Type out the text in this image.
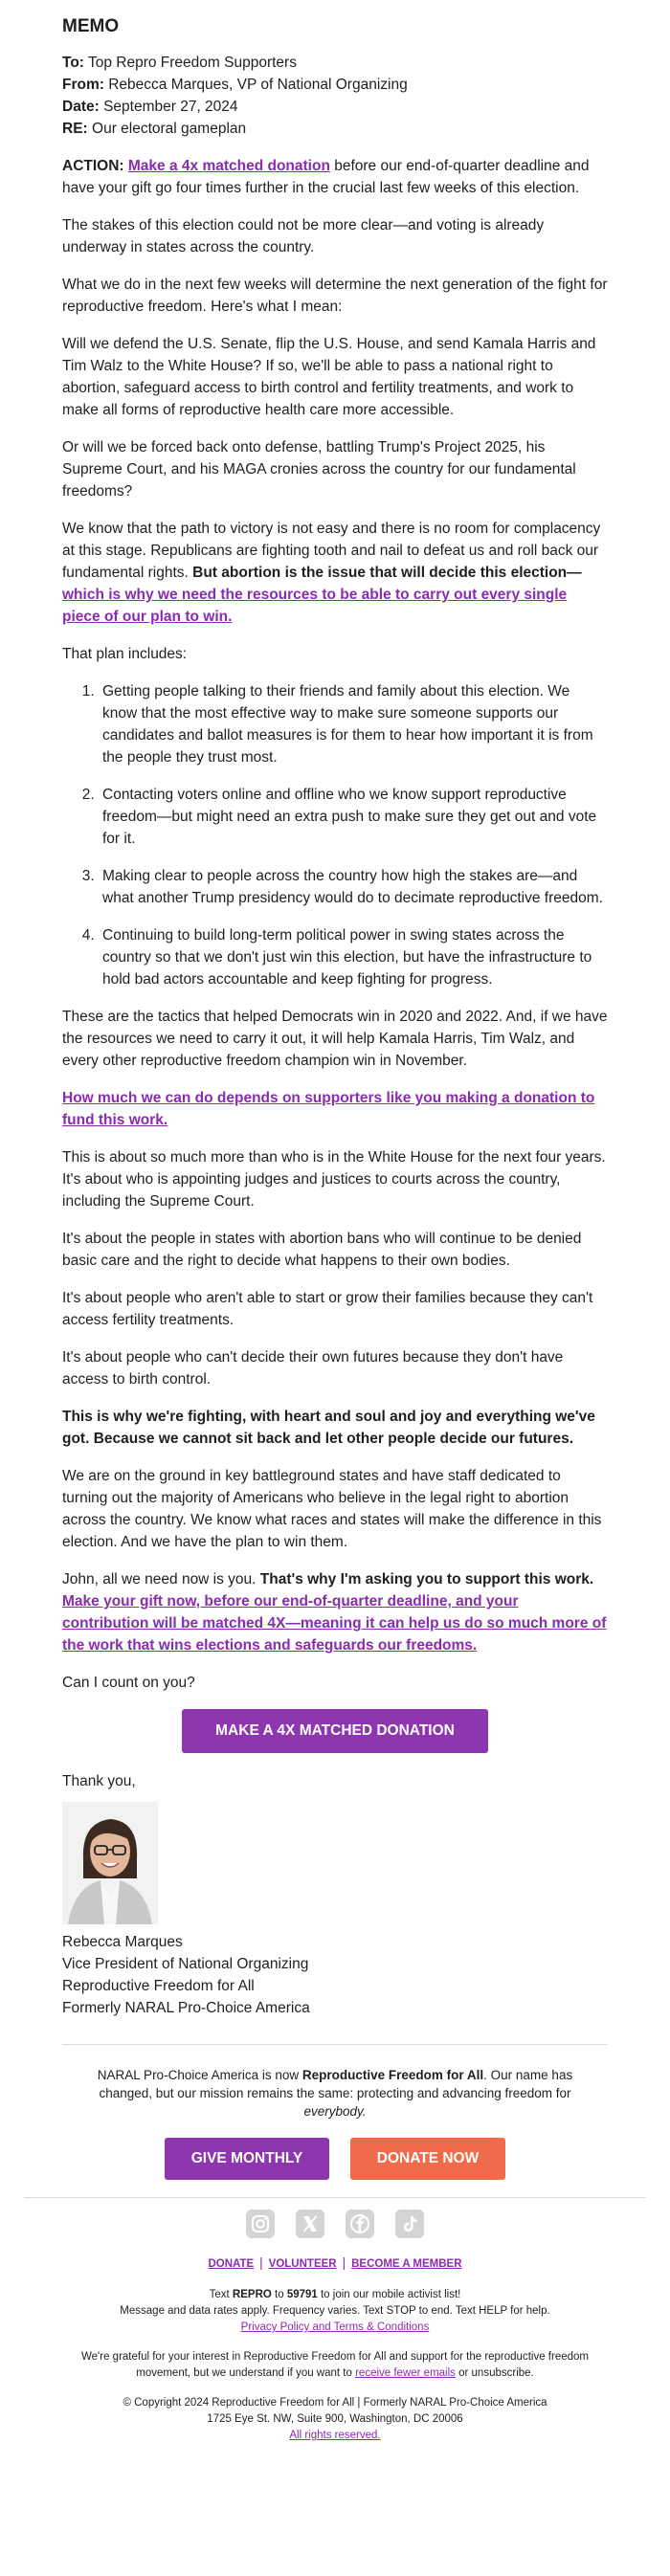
MEMO

To: Top Repro Freedom Supporters

From: Rebecca Marques, VP of National Organizing

Date: September 27, 2024

RE: Our electoral gameplan

ACTION: Make a 4x matched donation before our end-of-quarter deadline and have your gift go four times further in the crucial last few weeks of this election.

The stakes of this election could not be more clear—and voting is already underway in states across the country.

What we do in the next few weeks will determine the next generation of the fight for reproductive freedom. Here's what I mean:

Will we defend the U.S. Senate, flip the U.S. House, and send Kamala Harris and Tim Walz to the White House? If so, we'll be able to pass a national right to abortion, safeguard access to birth control and fertility treatments, and work to make all forms of reproductive health care more accessible.

Or will we be forced back onto defense, battling Trump's Project 2025, his Supreme Court, and his MAGA cronies across the country for our fundamental freedoms?

We know that the path to victory is not easy and there is no room for complacency at this stage. Republicans are fighting tooth and nail to defeat us and roll back our fundamental rights. But abortion is the issue that will decide this election—which is why we need the resources to be able to carry out every single piece of our plan to win.

That plan includes:

1. Getting people talking to their friends and family about this election. We know that the most effective way to make sure someone supports our candidates and ballot measures is for them to hear how important it is from the people they trust most.
2. Contacting voters online and offline who we know support reproductive freedom—but might need an extra push to make sure they get out and vote for it.
3. Making clear to people across the country how high the stakes are—and what another Trump presidency would do to decimate reproductive freedom.
4. Continuing to build long-term political power in swing states across the country so that we don't just win this election, but have the infrastructure to hold bad actors accountable and keep fighting for progress.

These are the tactics that helped Democrats win in 2020 and 2022. And, if we have the resources we need to carry it out, it will help Kamala Harris, Tim Walz, and every other reproductive freedom champion win in November.

How much we can do depends on supporters like you making a donation to fund this work.

This is about so much more than who is in the White House for the next four years. It's about who is appointing judges and justices to courts across the country, including the Supreme Court.

It's about the people in states with abortion bans who will continue to be denied basic care and the right to decide what happens to their own bodies.

It's about people who aren't able to start or grow their families because they can't access fertility treatments.

It's about people who can't decide their own futures because they don't have access to birth control.

This is why we're fighting, with heart and soul and joy and everything we've got. Because we cannot sit back and let other people decide our futures.

We are on the ground in key battleground states and have staff dedicated to turning out the majority of Americans who believe in the legal right to abortion across the country. We know what races and states will make the difference in this election. And we have the plan to win them.

John, all we need now is you. That's why I'm asking you to support this work. Make your gift now, before our end-of-quarter deadline, and your contribution will be matched 4X—meaning it can help us do so much more of the work that wins elections and safeguards our freedoms.

Can I count on you?

MAKE A 4X MATCHED DONATION

Thank you,

Rebecca Marques

Vice President of National Organizing

Reproductive Freedom for All

Formerly NARAL Pro-Choice America

NARAL Pro-Choice America is now Reproductive Freedom for All. Our name has changed, but our mission remains the same: protecting and advancing freedom for everybody.

GIVE MONTHLY	DONATE NOW
DONATE | VOLUNTEER | BECOME A MEMBER
Text REPRO to 59791 to join our mobile activist list!
Message and data rates apply. Frequency varies. Text STOP to end. Text HELP for help.
Privacy Policy and Terms & Conditions
We're grateful for your interest in Reproductive Freedom for All and support for the reproductive freedom movement, but we understand if you want to receive fewer emails or unsubscribe.
© Copyright 2024 Reproductive Freedom for All | Formerly NARAL Pro-Choice America
1725 Eye St. NW, Suite 900, Washington, DC 20006
All rights reserved.
